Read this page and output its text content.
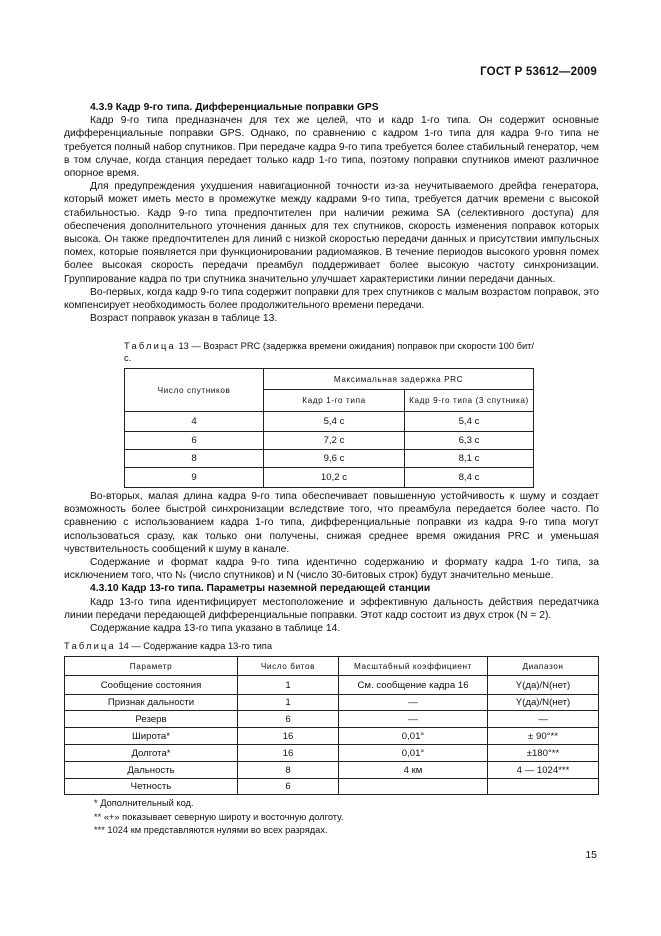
ГОСТ Р 53612—2009

4.3.9 Кадр 9-го типа. Дифференциальные поправки GPS

Кадр 9-го типа предназначен для тех же целей, что и кадр 1-го типа. Он содержит основные дифференциальные поправки GPS. Однако, по сравнению с кадром 1-го типа для кадра 9-го типа не требуется полный набор спутников. При передаче кадра 9-го типа требуется более стабильный генератор, чем в том случае, когда станция передает только кадр 1-го типа, поэтому поправки спутников имеют различное опорное время.

Для предупреждения ухудшения навигационной точности из-за неучитываемого дрейфа генератора, который может иметь место в промежутке между кадрами 9-го типа, требуется датчик времени с высокой стабильностью. Кадр 9-го типа предпочтителен при наличии режима SA (селективного доступа) для обеспечения дополнительного уточнения данных для тех спутников, скорость изменения поправок которых высока. Он также предпочтителен для линий с низкой скоростью передачи данных и присутствии импульсных помех, которые появляется при функционировании радиомаяков. В течение периодов высокого уровня помех более высокая скорость передачи преамбул поддерживает более высокую частоту синхронизации. Группирование кадра по три спутника значительно улучшает характеристики линии передачи данных.

Во-первых, когда кадр 9-го типа содержит поправки для трех спутников с малым возрастом поправок, это компенсирует необходимость более продолжительного времени передачи.

Возраст поправок указан в таблице 13.

Таблица 13 — Возраст PRC (задержка времени ожидания) поправок при скорости 100 бит/с.
Число спутников	Максимальная задержка PRC	
	Кадр 1-го типа	Кадр 9-го типа (3 спутника)
4	5,4 с	5,4 с
6	7,2 с	6,3 с
8	9,6 с	8,1 с
9	10,2 с	8,4 с

Во-вторых, малая длина кадра 9-го типа обеспечивает повышенную устойчивость к шуму и создает возможность более быстрой синхронизации вследствие того, что преамбула передается более часто. По сравнению с использованием кадра 1-го типа, дифференциальные поправки из кадра 9-го типа могут использоваться сразу, как только они получены, снижая среднее время ожидания PRC и уменьшая чувствительность сообщений к шуму в канале.

Содержание и формат кадра 9-го типа идентично содержанию и формату кадра 1-го типа, за исключением того, что Nₛ (число спутников) и N (число 30-битовых строк) будут значительно меньше.

4.3.10 Кадр 13-го типа. Параметры наземной передающей станции

Кадр 13-го типа идентифицирует местоположение и эффективную дальность действия передатчика линии передачи передающей дифференциальные поправки. Этот кадр состоит из двух строк (N = 2).

Содержание кадра 13-го типа указано в таблице 14.

Таблица 14 — Содержание кадра 13-го типа
Параметр	Число битов	Масштабный коэффициент	Диапазон
Сообщение состояния	1	См. сообщение кадра 16	Y(да)/N(нет)
Признак дальности	1	—	Y(да)/N(нет)
Резерв	6	—	—
Широта*	16	0,01°	± 90°**
Долгота*	16	0,01°	±180°**
Дальность	8	4 км	4 — 1024***
Четность	6		
* Дополнительный код.
** «+» показывает северную широту и восточную долготу.
*** 1024 км представляются нулями во всех разрядах.
15
